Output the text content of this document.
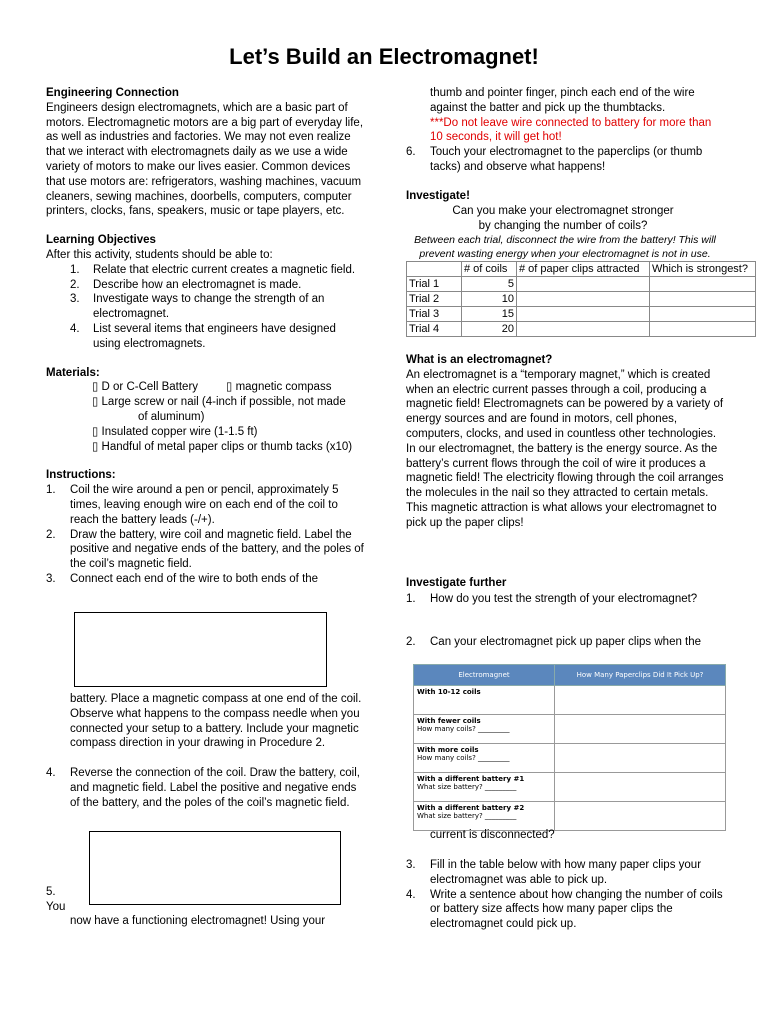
Let’s Build an Electromagnet!
Engineering Connection

Engineers design electromagnets, which are a basic part of motors. Electromagnetic motors are a big part of everyday life, as well as industries and factories. We may not even realize that we interact with electromagnets daily as we use a wide variety of motors to make our lives easier. Common devices that use motors are: refrigerators, washing machines, vacuum cleaners, sewing machines, doorbells, computers, computer printers, clocks, fans, speakers, music or tape players, etc.

Learning Objectives

After this activity, students should be able to:

1. Relate that electric current creates a magnetic field.
2. Describe how an electromagnet is made.
3. Investigate ways to change the strength of an electromagnet.
4. List several items that engineers have designed using electromagnets.
Materials:
▯ D or C-Cell Battery ▯ magnetic compass
▯ Large screw or nail (4-inch if possible, not made
of aluminum)
▯ Insulated copper wire (1-1.5 ft)
▯ Handful of metal paper clips or thumb tacks (x10)
Instructions:
1. Coil the wire around a pen or pencil, approximately 5 times, leaving enough wire on each end of the coil to reach the battery leads (-/+).
2. Draw the battery, wire coil and magnetic field. Label the positive and negative ends of the battery, and the poles of the coil’s magnetic field.
3. Connect each end of the wire to both ends of the
battery. Place a magnetic compass at one end of the coil. Observe what happens to the compass needle when you connected your setup to a battery. Include your magnetic compass direction in your drawing in Procedure 2.
4. Reverse the connection of the coil. Draw the battery, coil, and magnetic field. Label the positive and negative ends of the battery, and the poles of the coil’s magnetic field.
5.
You
now have a functioning electromagnet! Using your

thumb and pointer finger, pinch each end of the wire against the batter and pick up the thumbtacks.

***Do not leave wire connected to battery for more than 10 seconds, it will get hot!

6. Touch your electromagnet to the paperclips (or thumb tacks) and observe what happens!
Investigate!
Can you make your electromagnet stronger by changing the number of coils?
Between each trial, disconnect the wire from the battery! This will prevent wasting energy when your electromagnet is not in use.
	# of coils	# of paper clips attracted	Which is strongest?
Trial 1	5		
Trial 2	10		
Trial 3	15		
Trial 4	20		
What is an electromagnet?

An electromagnet is a “temporary magnet,” which is created when an electric current passes through a coil, producing a magnetic field! Electromagnets can be powered by a variety of energy sources and are found in motors, cell phones,

computers, clocks, and used in countless other technologies. In our electromagnet, the battery is the energy source. As the battery’s current flows through the coil of wire it produces a magnetic field! The electricity flowing through the coil arranges the molecules in the nail so they attracted to certain metals. This magnetic attraction is what allows your electromagnet to pick up the paper clips!

Investigate further
1. How do you test the strength of your electromagnet?
2. Can your electromagnet pick up paper clips when the
Electromagnet	How Many Paperclips Did It Pick Up?
With 10-12 coils	
With fewer coils
How many coils? _________	

With more coils
How many coils? _________	

With a different battery #1
What size battery? _________	

With a different battery #2
What size battery? _________	

current is disconnected?
3. Fill in the table below with how many paper clips your electromagnet was able to pick up.
4. Write a sentence about how changing the number of coils or battery size affects how many paper clips the electromagnet could pick up.
